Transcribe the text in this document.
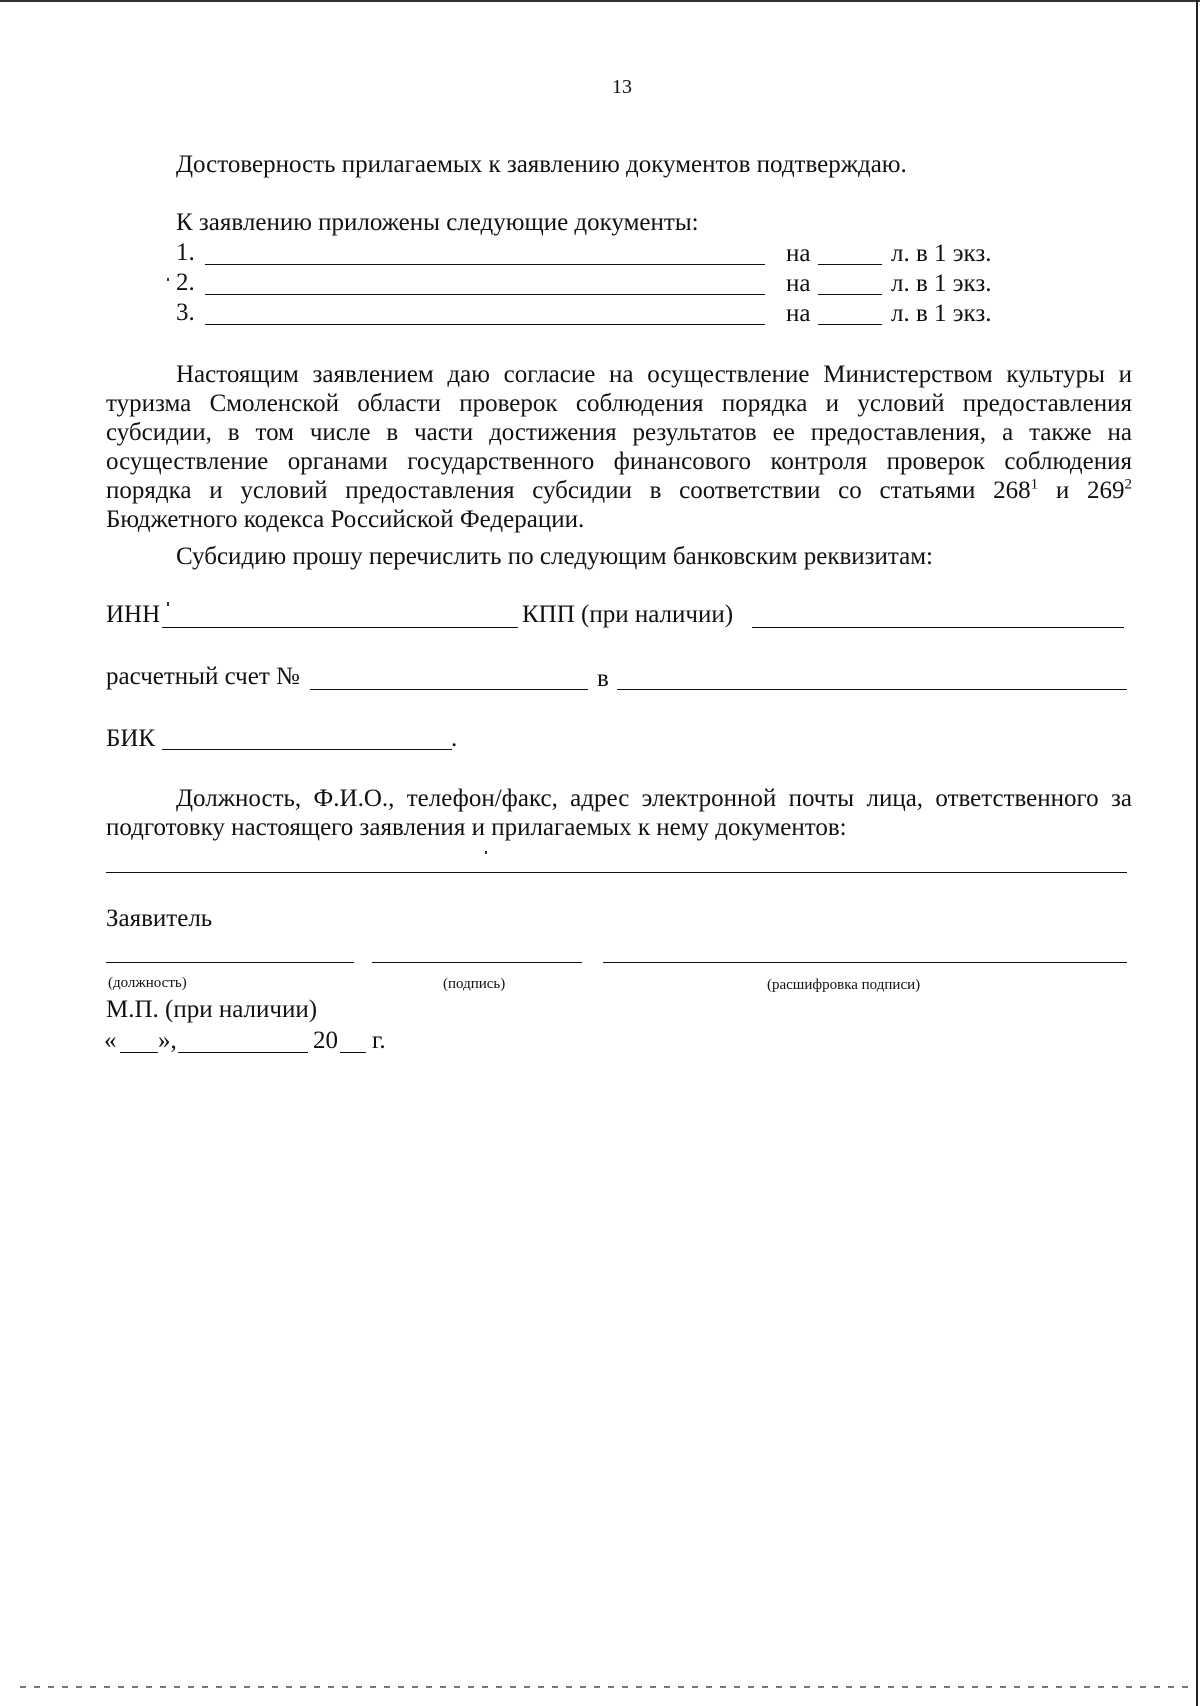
13
Достоверность прилагаемых к заявлению документов подтверждаю.
К заявлению приложены следующие документы:
1.	на	л. в 1 экз.
2.	на	л. в 1 экз.
3.	на	л. в 1 экз.
Настоящим заявлением даю согласие на осуществление Министерством культуры и туризма Смоленской области проверок соблюдения порядка и условий предоставления субсидии, в том числе в части достижения результатов ее предоставления, а также на осуществление органами государственного финансового контроля проверок соблюдения порядка и условий предоставления субсидии в соответствии со статьями $268^1$ и $269^2$ Бюджетного кодекса Российской Федерации.
Субсидию прошу перечислить по следующим банковским реквизитам:
ИНН	КПП (при наличии)
расчетный счет №	в
БИК	.
Должность, Ф.И.О., телефон/факс, адрес электронной почты лица, ответственного за подготовку настоящего заявления и прилагаемых к нему документов:
Заявитель
(должность)	(подпись)	(расшифровка подписи)
М.П. (при наличии)
« »,	20 г.
